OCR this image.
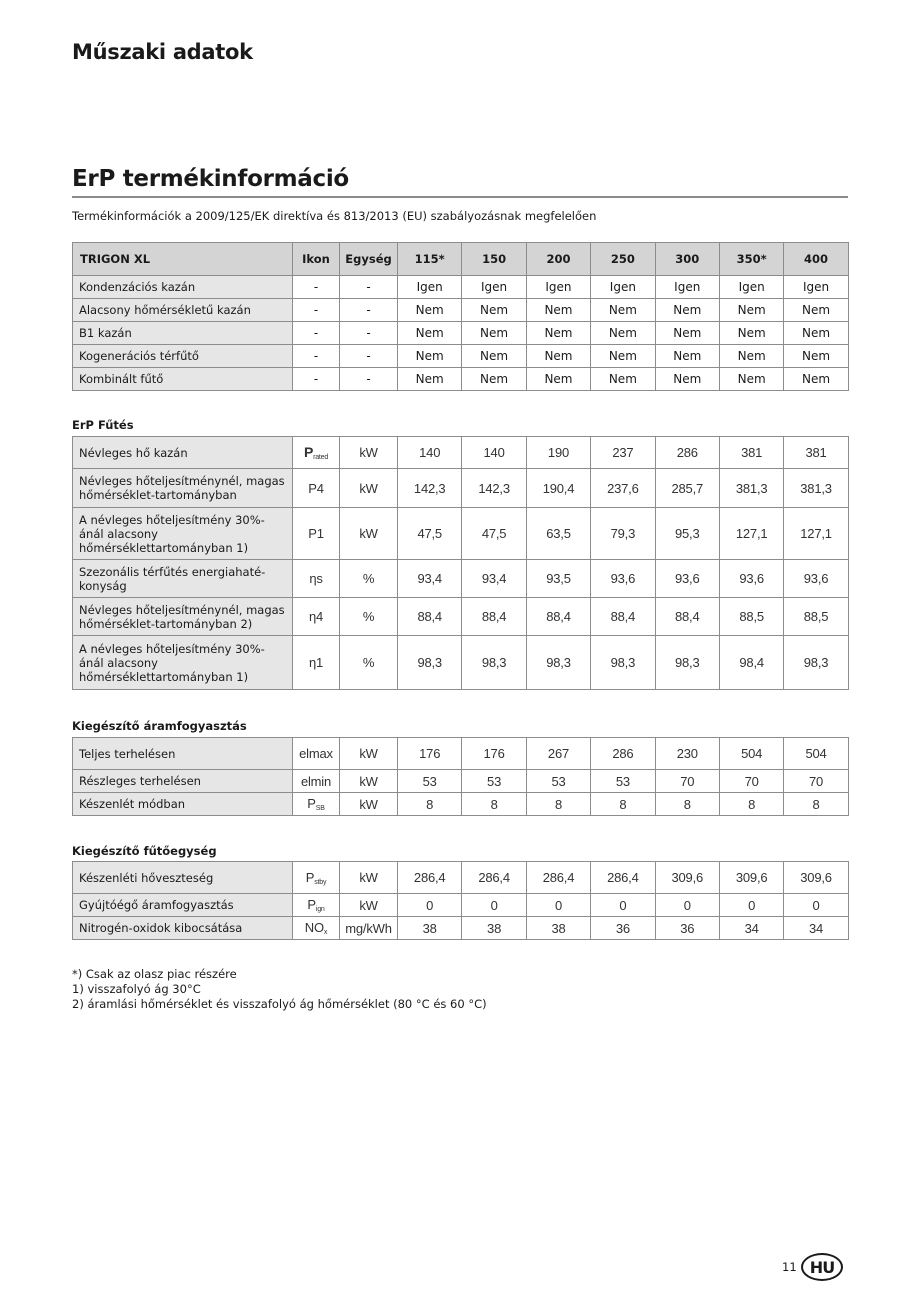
Műszaki adatok
ErP termékinformáció
Termékinformációk a 2009/125/EK direktíva és 813/2013 (EU) szabályozásnak megfelelően
TRIGON XL	Ikon	Egység	115*	150	200	250	300	350*	400
Kondenzációs kazán	-	-	Igen	Igen	Igen	Igen	Igen	Igen	Igen
Alacsony hőmérsékletű kazán	-	-	Nem	Nem	Nem	Nem	Nem	Nem	Nem
B1 kazán	-	-	Nem	Nem	Nem	Nem	Nem	Nem	Nem
Kogenerációs térfűtő	-	-	Nem	Nem	Nem	Nem	Nem	Nem	Nem
Kombinált fűtő	-	-	Nem	Nem	Nem	Nem	Nem	Nem	Nem
ErP Fűtés
Névleges hő kazán	$P_{rated}$	kW	140	140	190	237	286	381	381
Névleges hőteljesítménynél, magas hőmérséklet-tartományban	P4	kW	142,3	142,3	190,4	237,6	285,7	381,3	381,3
A névleges hőteljesítmény 30%-ánál alacsony hőmérséklettartományban 1)	P1	kW	47,5	47,5	63,5	79,3	95,3	127,1	127,1
Szezonális térfűtés energiahaté-konyság	ηs	%	93,4	93,4	93,5	93,6	93,6	93,6	93,6
Névleges hőteljesítménynél, magas hőmérséklet-tartományban 2)	η4	%	88,4	88,4	88,4	88,4	88,4	88,5	88,5
A névleges hőteljesítmény 30%-ánál alacsony hőmérséklettartományban 1)	η1	%	98,3	98,3	98,3	98,3	98,3	98,4	98,3
Kiegészítő áramfogyasztás
Teljes terhelésen	elmax	kW	176	176	267	286	230	504	504
Részleges terhelésen	elmin	kW	53	53	53	53	70	70	70
Készenlét módban	$P_{SB}$	kW	8	8	8	8	8	8	8
Kiegészítő fűtőegység
Készenléti hőveszteség	$P_{stby}$	kW	286,4	286,4	286,4	286,4	309,6	309,6	309,6
Gyújtóégő áramfogyasztás	$P_{ign}$	kW	0	0	0	0	0	0	0
Nitrogén-oxidok kibocsátása	$NO_x$	mg/kWh	38	38	38	36	36	34	34
*) Csak az olasz piac részére
1) visszafolyó ág 30°C
2) áramlási hőmérséklet és visszafolyó ág hőmérséklet (80 °C és 60 °C)
11 HU
